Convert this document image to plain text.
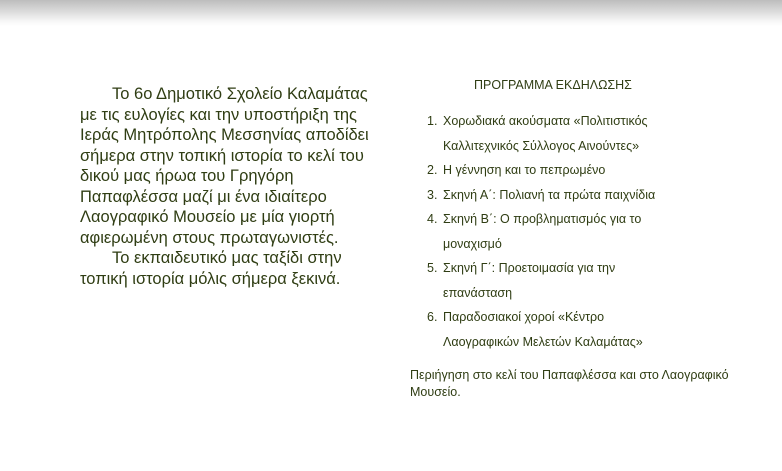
Το 6ο Δημοτικό Σχολείο Καλαμάτας με τις ευλογίες και την υποστήριξη της Ιεράς Μητρόπολης Μεσσηνίας αποδίδει σήμερα στην τοπική ιστορία το κελί του δικού μας ήρωα του Γρηγόρη Παπαφλέσσα μαζί μι ένα ιδιαίτερο Λαογραφικό Μουσείο με μία γιορτή αφιερωμένη στους πρωταγωνιστές.

Το εκπαιδευτικό μας ταξίδι στην τοπική ιστορία μόλις σήμερα ξεκινά.

ΠΡΟΓΡΑΜΜΑ ΕΚΔΗΛΩΣΗΣ
1. Χορωδιακά ακούσματα «Πολιτιστικός
Καλλιτεχνικός Σύλλογος Αινούντες»
2. Η γέννηση και το πεπρωμένο
3. Σκηνή Α΄: Πολιανή τα πρώτα παιχνίδια
4. Σκηνή Β΄: Ο προβληματισμός για το
μοναχισμό
5. Σκηνή Γ΄: Προετοιμασία για την
επανάσταση
6. Παραδοσιακοί χοροί «Κέντρο
Λαογραφικών Μελετών Καλαμάτας»
Περιήγηση στο κελί του Παπαφλέσσα και στο Λαογραφικό Μουσείο.
